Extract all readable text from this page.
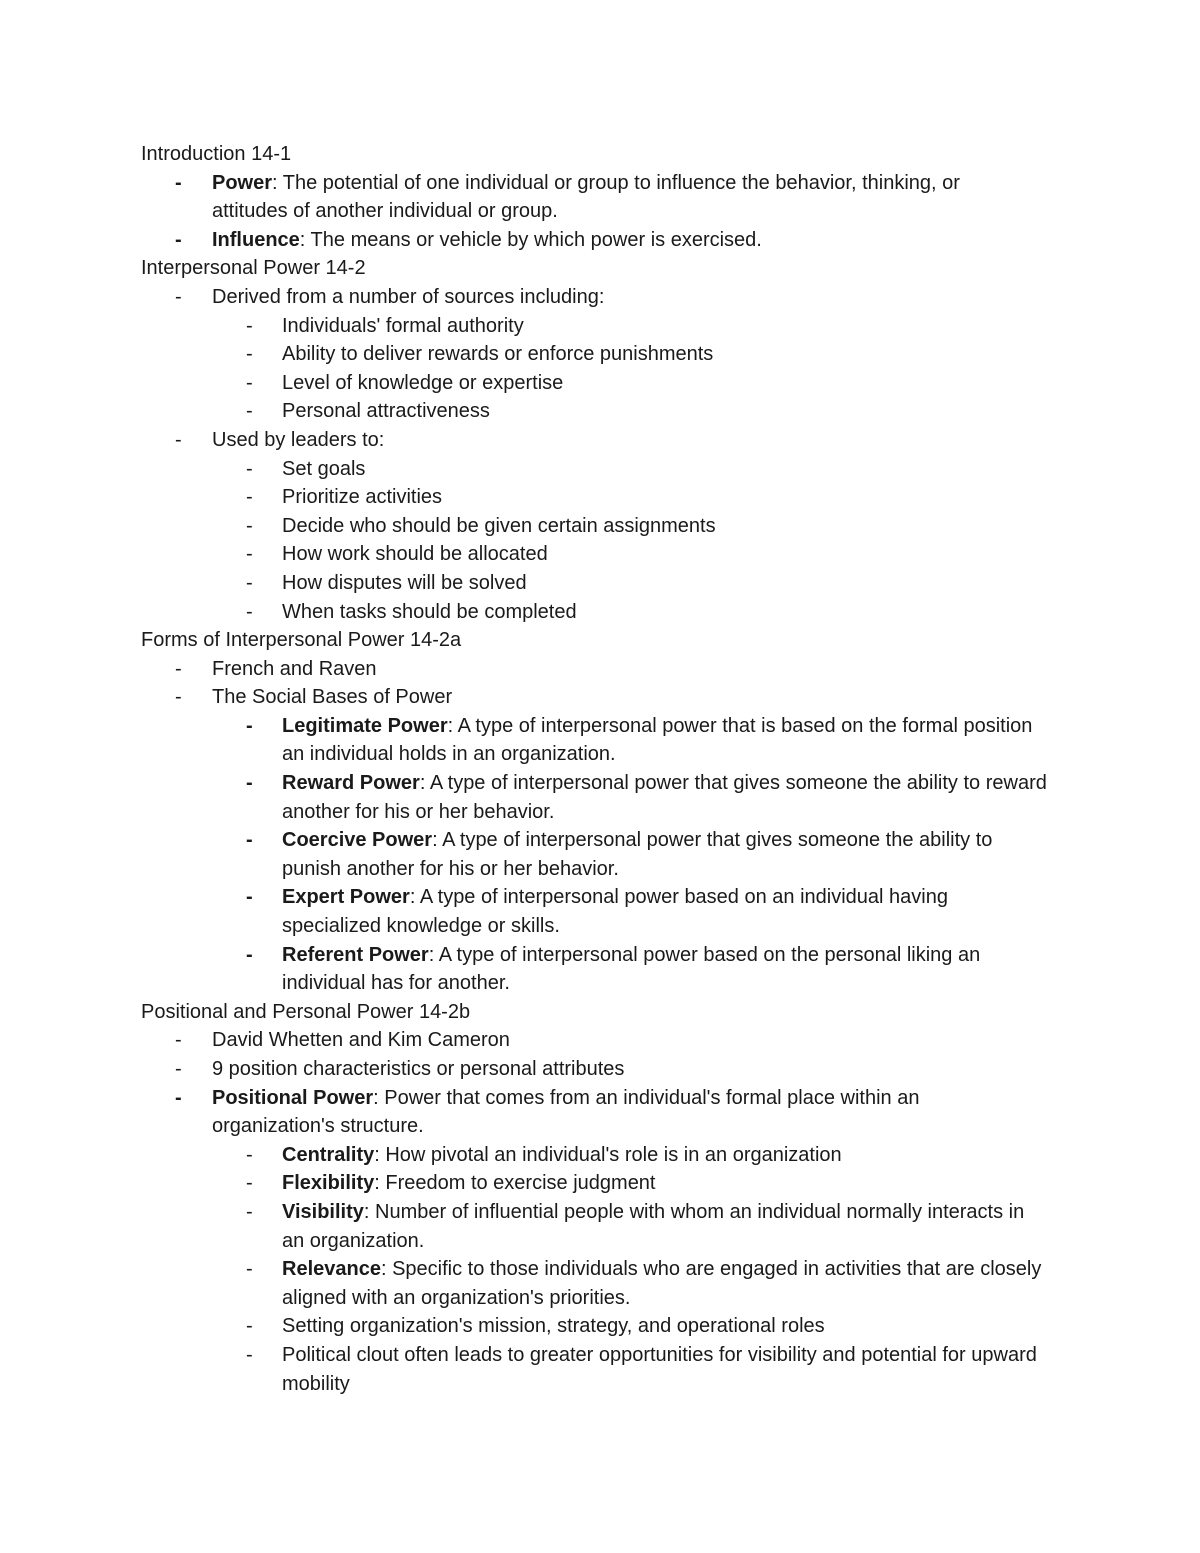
Introduction 14-1
- Power: The potential of one individual or group to influence the behavior, thinking, or attitudes of another individual or group.
- Influence: The means or vehicle by which power is exercised.
Interpersonal Power 14-2
- Derived from a number of sources including:
- Individuals' formal authority
- Ability to deliver rewards or enforce punishments
- Level of knowledge or expertise
- Personal attractiveness
- Used by leaders to:
- Set goals
- Prioritize activities
- Decide who should be given certain assignments
- How work should be allocated
- How disputes will be solved
- When tasks should be completed
Forms of Interpersonal Power 14-2a
- French and Raven
- The Social Bases of Power
- Legitimate Power: A type of interpersonal power that is based on the formal position an individual holds in an organization.
- Reward Power: A type of interpersonal power that gives someone the ability to reward another for his or her behavior.
- Coercive Power: A type of interpersonal power that gives someone the ability to punish another for his or her behavior.
- Expert Power: A type of interpersonal power based on an individual having specialized knowledge or skills.
- Referent Power: A type of interpersonal power based on the personal liking an individual has for another.
Positional and Personal Power 14-2b
- David Whetten and Kim Cameron
- 9 position characteristics or personal attributes
- Positional Power: Power that comes from an individual's formal place within an organization's structure.
- Centrality: How pivotal an individual's role is in an organization
- Flexibility: Freedom to exercise judgment
- Visibility: Number of influential people with whom an individual normally interacts in an organization.
- Relevance: Specific to those individuals who are engaged in activities that are closely aligned with an organization's priorities.
- Setting organization's mission, strategy, and operational roles
- Political clout often leads to greater opportunities for visibility and potential for upward mobility
